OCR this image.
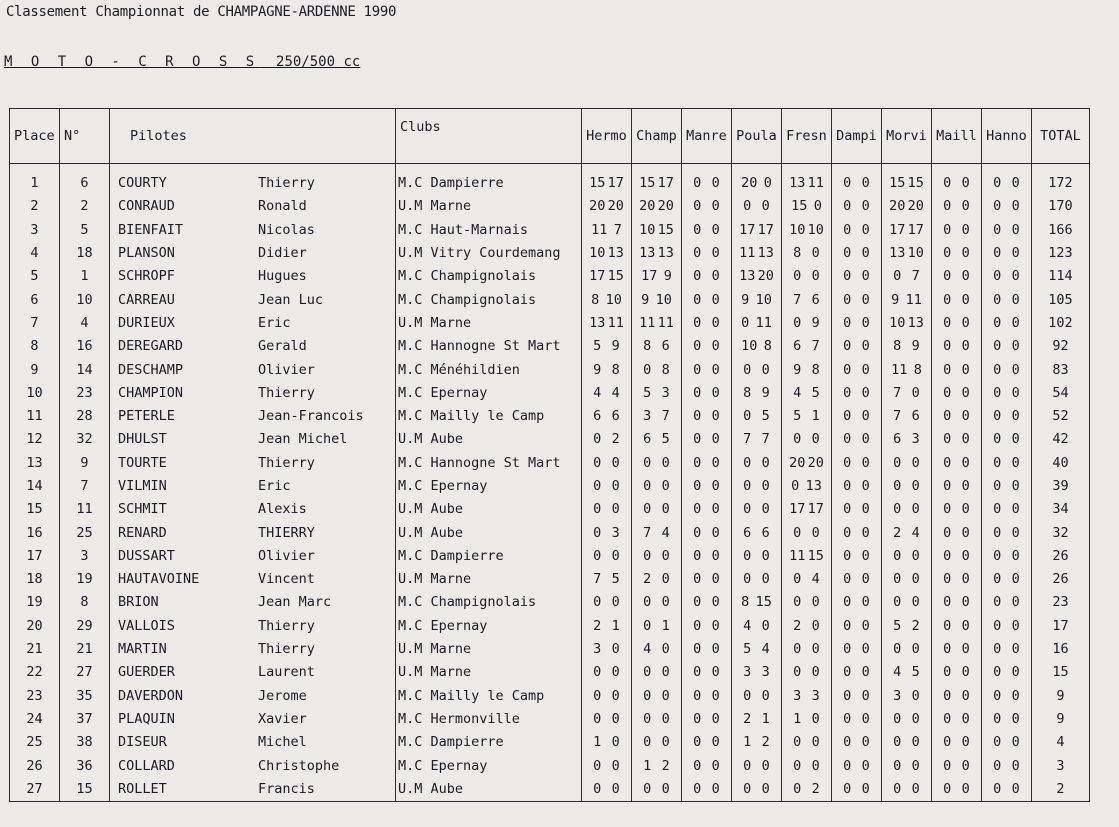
Classement Championnat de CHAMPAGNE-ARDENNE 1990
M O T O - C R O S S 250/500 cc
Place	N°	Pilotes	Clubs	Hermo	Champ	Manre	Poula	Fresn	Dampi	Morvi	Maill	Hanno	TOTAL
1	6	COURTY Thierry	M.C Dampierre	15 17	15 17	0 0	20 0	13 11	0 0	15 15	0 0	0 0	172
2	2	CONRAUD Ronald	U.M Marne	20 20	20 20	0 0	0 0	15 0	0 0	20 20	0 0	0 0	170
3	5	BIENFAIT Nicolas	M.C Haut-Marnais	11 7	10 15	0 0	17 17	10 10	0 0	17 17	0 0	0 0	166
4	18	PLANSON Didier	U.M Vitry Courdemang	10 13	13 13	0 0	11 13	8 0	0 0	13 10	0 0	0 0	123
5	1	SCHROPF Hugues	M.C Champignolais	17 15	17 9	0 0	13 20	0 0	0 0	0 7	0 0	0 0	114
6	10	CARREAU Jean Luc	M.C Champignolais	8 10	9 10	0 0	9 10	7 6	0 0	9 11	0 0	0 0	105
7	4	DURIEUX Eric	U.M Marne	13 11	11 11	0 0	0 11	0 9	0 0	10 13	0 0	0 0	102
8	16	DEREGARD Gerald	M.C Hannogne St Mart	5 9	8 6	0 0	10 8	6 7	0 0	8 9	0 0	0 0	92
9	14	DESCHAMP Olivier	M.C Ménéhildien	9 8	0 8	0 0	0 0	9 8	0 0	11 8	0 0	0 0	83
10	23	CHAMPION Thierry	M.C Epernay	4 4	5 3	0 0	8 9	4 5	0 0	7 0	0 0	0 0	54
11	28	PETERLE Jean-Francois	M.C Mailly le Camp	6 6	3 7	0 0	0 5	5 1	0 0	7 6	0 0	0 0	52
12	32	DHULST Jean Michel	U.M Aube	0 2	6 5	0 0	7 7	0 0	0 0	6 3	0 0	0 0	42
13	9	TOURTE Thierry	M.C Hannogne St Mart	0 0	0 0	0 0	0 0	20 20	0 0	0 0	0 0	0 0	40
14	7	VILMIN Eric	M.C Epernay	0 0	0 0	0 0	0 0	0 13	0 0	0 0	0 0	0 0	39
15	11	SCHMIT Alexis	U.M Aube	0 0	0 0	0 0	0 0	17 17	0 0	0 0	0 0	0 0	34
16	25	RENARD THIERRY	U.M Aube	0 3	7 4	0 0	6 6	0 0	0 0	2 4	0 0	0 0	32
17	3	DUSSART Olivier	M.C Dampierre	0 0	0 0	0 0	0 0	11 15	0 0	0 0	0 0	0 0	26
18	19	HAUTAVOINE Vincent	U.M Marne	7 5	2 0	0 0	0 0	0 4	0 0	0 0	0 0	0 0	26
19	8	BRION Jean Marc	M.C Champignolais	0 0	0 0	0 0	8 15	0 0	0 0	0 0	0 0	0 0	23
20	29	VALLOIS Thierry	M.C Epernay	2 1	0 1	0 0	4 0	2 0	0 0	5 2	0 0	0 0	17
21	21	MARTIN Thierry	U.M Marne	3 0	4 0	0 0	5 4	0 0	0 0	0 0	0 0	0 0	16
22	27	GUERDER Laurent	U.M Marne	0 0	0 0	0 0	3 3	0 0	0 0	4 5	0 0	0 0	15
23	35	DAVERDON Jerome	M.C Mailly le Camp	0 0	0 0	0 0	0 0	3 3	0 0	3 0	0 0	0 0	9
24	37	PLAQUIN Xavier	M.C Hermonville	0 0	0 0	0 0	2 1	1 0	0 0	0 0	0 0	0 0	9
25	38	DISEUR Michel	M.C Dampierre	1 0	0 0	0 0	1 2	0 0	0 0	0 0	0 0	0 0	4
26	36	COLLARD Christophe	M.C Epernay	0 0	1 2	0 0	0 0	0 0	0 0	0 0	0 0	0 0	3
27	15	ROLLET Francis	U.M Aube	0 0	0 0	0 0	0 0	0 2	0 0	0 0	0 0	0 0	2
